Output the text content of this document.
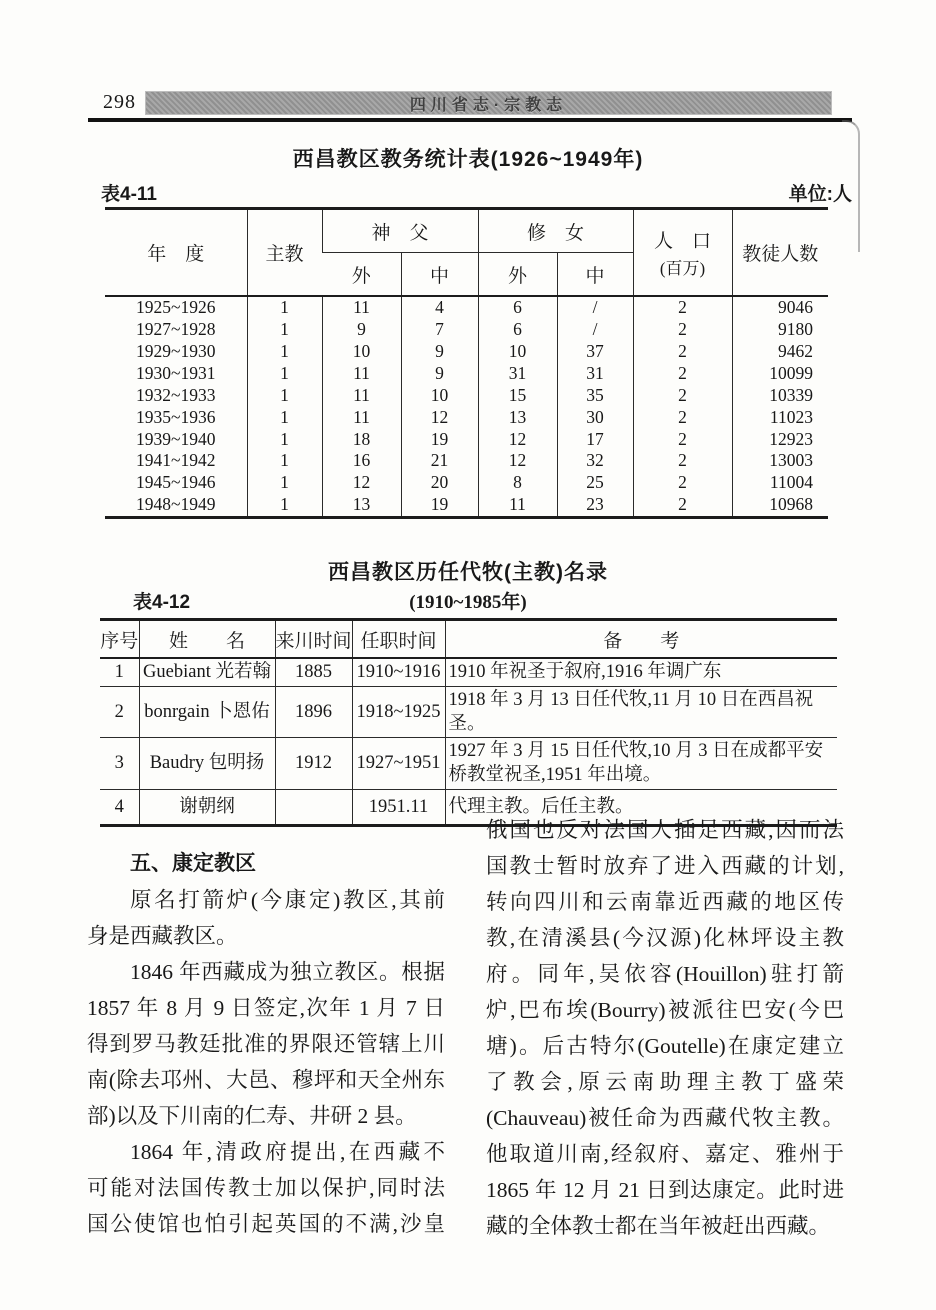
298	四川省志·宗教志
西昌教区教务统计表(1926~1949年)
表4-11	单位:人
年　度	主教	神　父		修　女		人　口
(百万)	教徒人数
		外	中	外	中		
1925~1926	1	11	4	6	/	2	9046
1927~1928	1	9	7	6	/	2	9180
1929~1930	1	10	9	10	37	2	9462
1930~1931	1	11	9	31	31	2	10099
1932~1933	1	11	10	15	35	2	10339
1935~1936	1	11	12	13	30	2	11023
1939~1940	1	18	19	12	17	2	12923
1941~1942	1	16	21	12	32	2	13003
1945~1946	1	12	20	8	25	2	11004
1948~1949	1	13	19	11	23	2	10968
西昌教区历任代牧(主教)名录
表4-12	(1910~1985年)
序号	姓　　名	来川时间	任职时间	备　　考
1	Guebiant 光若翰	1885	1910~1916	1910 年祝圣于叙府,1916 年调广东
2	bonrgain 卜恩佑	1896	1918~1925	1918 年 3 月 13 日任代牧,11 月 10 日在西昌祝圣。
3	Baudry 包明扬	1912	1927~1951	1927 年 3 月 15 日任代牧,10 月 3 日在成都平安桥教堂祝圣,1951 年出境。
4	谢朝纲		1951.11	代理主教。后任主教。
五、康定教区
原名打箭炉(今康定)教区,其前
身是西藏教区。
1846 年西藏成为独立教区。根据
1857 年 8 月 9 日签定,次年 1 月 7 日
得到罗马教廷批准的界限还管辖上川
南(除去邛州、大邑、穆坪和天全州东
部)以及下川南的仁寿、井研 2 县。
1864 年,清政府提出,在西藏不
可能对法国传教士加以保护,同时法
国公使馆也怕引起英国的不满,沙皇
俄国也反对法国人插足西藏,因而法
国教士暂时放弃了进入西藏的计划,
转向四川和云南靠近西藏的地区传
教,在清溪县(今汉源)化林坪设主教
府。同年,吴依容(Houillon)驻打箭
炉,巴布埃(Bourry)被派往巴安(今巴
塘)。后古特尔(Goutelle)在康定建立
了教会,原云南助理主教丁盛荣
(Chauveau)被任命为西藏代牧主教。
他取道川南,经叙府、嘉定、雅州于
1865 年 12 月 21 日到达康定。此时进
藏的全体教士都在当年被赶出西藏。
